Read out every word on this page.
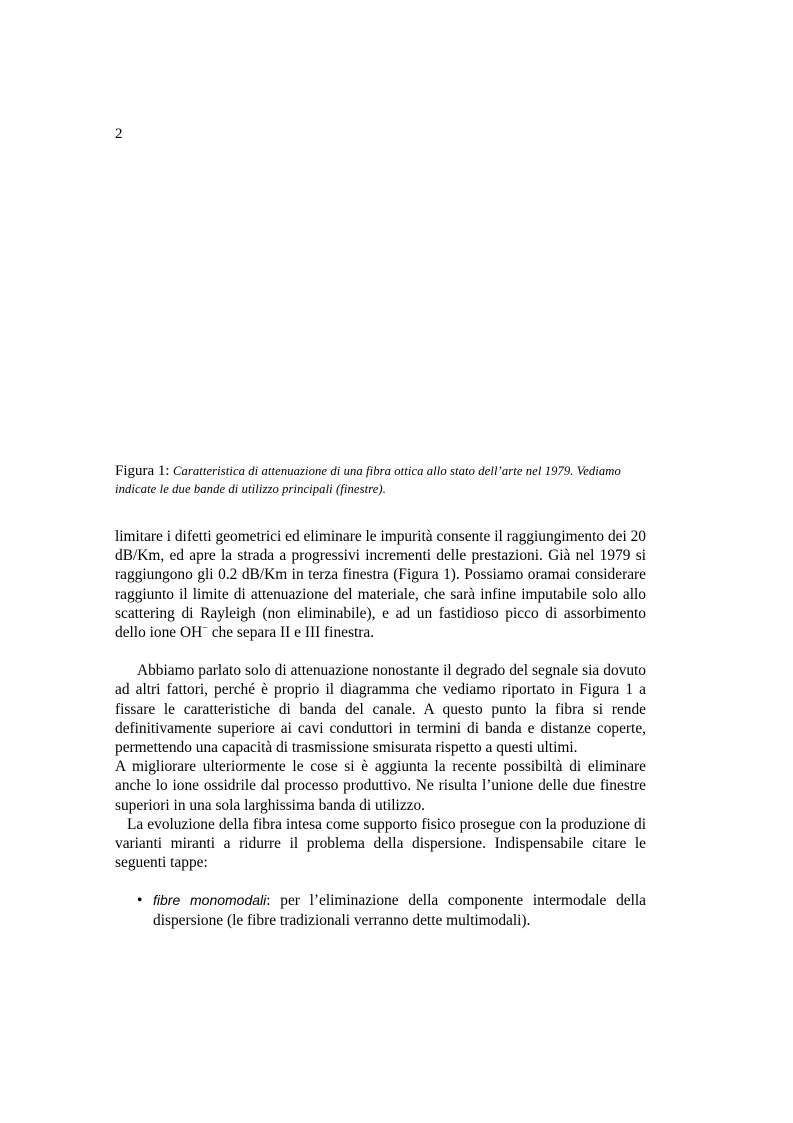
2
Figura 1: Caratteristica di attenuazione di una fibra ottica allo stato dell’arte nel 1979. Vediamo indicate le due bande di utilizzo principali (finestre).

limitare i difetti geometrici ed eliminare le impurità consente il raggiungimento dei 20 dB/Km, ed apre la strada a progressivi incrementi delle prestazioni. Già nel 1979 si raggiungono gli 0.2 dB/Km in terza finestra (Figura 1). Possiamo oramai considerare raggiunto il limite di attenuazione del materiale, che sarà infine imputabile solo allo scattering di Rayleigh (non eliminabile), e ad un fastidioso picco di assorbimento dello ione OH− che separa II e III finestra.

Abbiamo parlato solo di attenuazione nonostante il degrado del segnale sia dovuto ad altri fattori, perché è proprio il diagramma che vediamo riportato in Figura 1 a fissare le caratteristiche di banda del canale. A questo punto la fibra si rende definitivamente superiore ai cavi conduttori in termini di banda e distanze coperte, permettendo una capacità di trasmissione smisurata rispetto a questi ultimi.

A migliorare ulteriormente le cose si è aggiunta la recente possibiltà di eliminare anche lo ione ossidrile dal processo produttivo. Ne risulta l’unione delle due finestre superiori in una sola larghissima banda di utilizzo.

La evoluzione della fibra intesa come supporto fisico prosegue con la produzione di varianti miranti a ridurre il problema della dispersione. Indispensabile citare le seguenti tappe:

• fibre monomodali: per l’eliminazione della componente intermodale della dispersione (le fibre tradizionali verranno dette multimodali).
